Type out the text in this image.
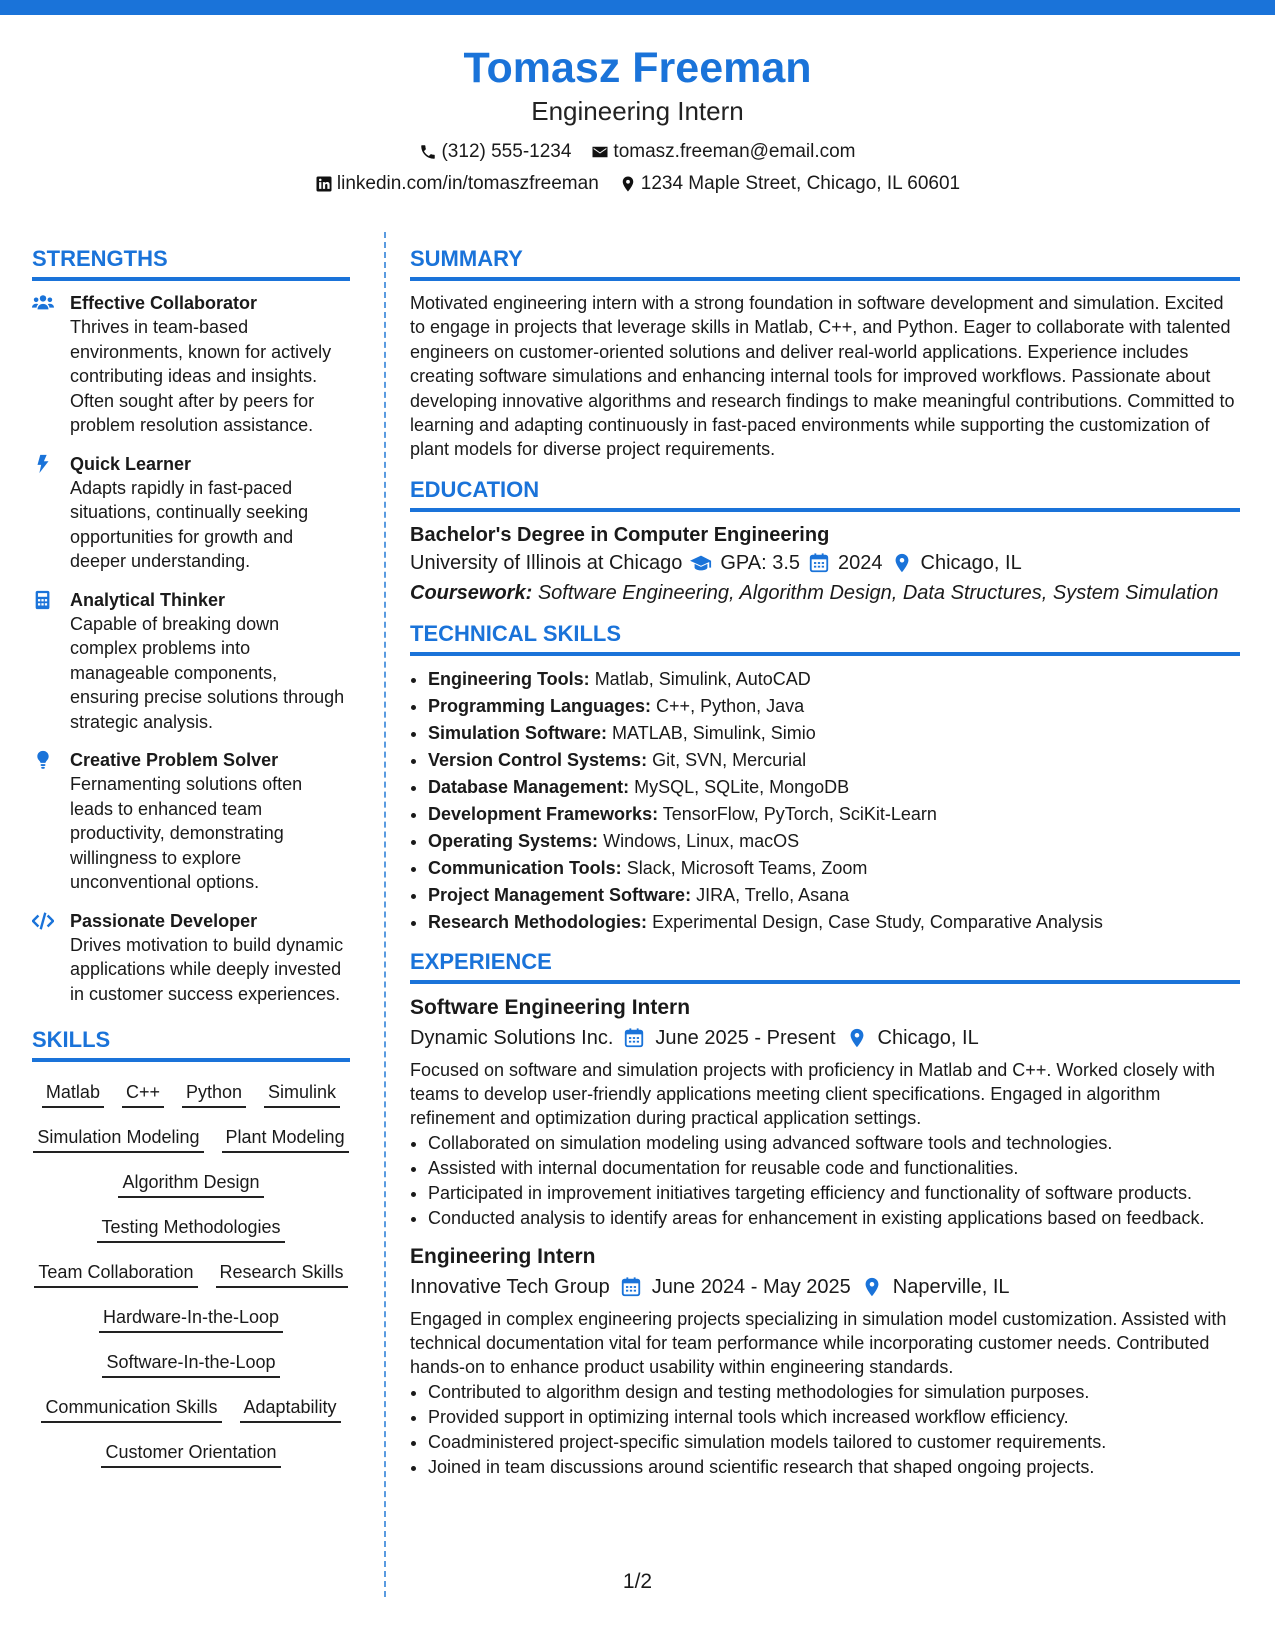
Tomasz Freeman
Engineering Intern
(312) 555-1234 tomasz.freeman@email.com
linkedin.com/in/tomaszfreeman 1234 Maple Street, Chicago, IL 60601
STRENGTHS
Effective Collaborator
Thrives in team-based environments, known for actively contributing ideas and insights. Often sought after by peers for problem resolution assistance.
Quick Learner
Adapts rapidly in fast-paced situations, continually seeking opportunities for growth and deeper understanding.
Analytical Thinker
Capable of breaking down complex problems into manageable components, ensuring precise solutions through strategic analysis.
Creative Problem Solver
Fernamenting solutions often leads to enhanced team productivity, demonstrating willingness to explore unconventional options.
Passionate Developer
Drives motivation to build dynamic applications while deeply invested in customer success experiences.
SKILLS
Matlab C++ Python Simulink
Simulation Modeling Plant Modeling
Algorithm Design
Testing Methodologies
Team Collaboration Research Skills
Hardware-In-the-Loop
Software-In-the-Loop
Communication Skills Adaptability
Customer Orientation
SUMMARY

Motivated engineering intern with a strong foundation in software development and simulation. Excited to engage in projects that leverage skills in Matlab, C++, and Python. Eager to collaborate with talented engineers on customer-oriented solutions and deliver real-world applications. Experience includes creating software simulations and enhancing internal tools for improved workflows. Passionate about developing innovative algorithms and research findings to make meaningful contributions. Committed to learning and adapting continuously in fast-paced environments while supporting the customization of plant models for diverse project requirements.

EDUCATION
Bachelor's Degree in Computer Engineering
University of Illinois at Chicago GPA: 3.5 2024 Chicago, IL
Coursework: Software Engineering, Algorithm Design, Data Structures, System Simulation
TECHNICAL SKILLS
• Engineering Tools: Matlab, Simulink, AutoCAD
• Programming Languages: C++, Python, Java
• Simulation Software: MATLAB, Simulink, Simio
• Version Control Systems: Git, SVN, Mercurial
• Database Management: MySQL, SQLite, MongoDB
• Development Frameworks: TensorFlow, PyTorch, SciKit-Learn
• Operating Systems: Windows, Linux, macOS
• Communication Tools: Slack, Microsoft Teams, Zoom
• Project Management Software: JIRA, Trello, Asana
• Research Methodologies: Experimental Design, Case Study, Comparative Analysis
EXPERIENCE
Software Engineering Intern
Dynamic Solutions Inc. June 2025 - Present Chicago, IL
Focused on software and simulation projects with proficiency in Matlab and C++. Worked closely with teams to develop user-friendly applications meeting client specifications. Engaged in algorithm refinement and optimization during practical application settings.
• Collaborated on simulation modeling using advanced software tools and technologies.
• Assisted with internal documentation for reusable code and functionalities.
• Participated in improvement initiatives targeting efficiency and functionality of software products.
• Conducted analysis to identify areas for enhancement in existing applications based on feedback.
Engineering Intern
Innovative Tech Group June 2024 - May 2025 Naperville, IL
Engaged in complex engineering projects specializing in simulation model customization. Assisted with technical documentation vital for team performance while incorporating customer needs. Contributed hands-on to enhance product usability within engineering standards.
• Contributed to algorithm design and testing methodologies for simulation purposes.
• Provided support in optimizing internal tools which increased workflow efficiency.
• Coadministered project-specific simulation models tailored to customer requirements.
• Joined in team discussions around scientific research that shaped ongoing projects.
1/2
